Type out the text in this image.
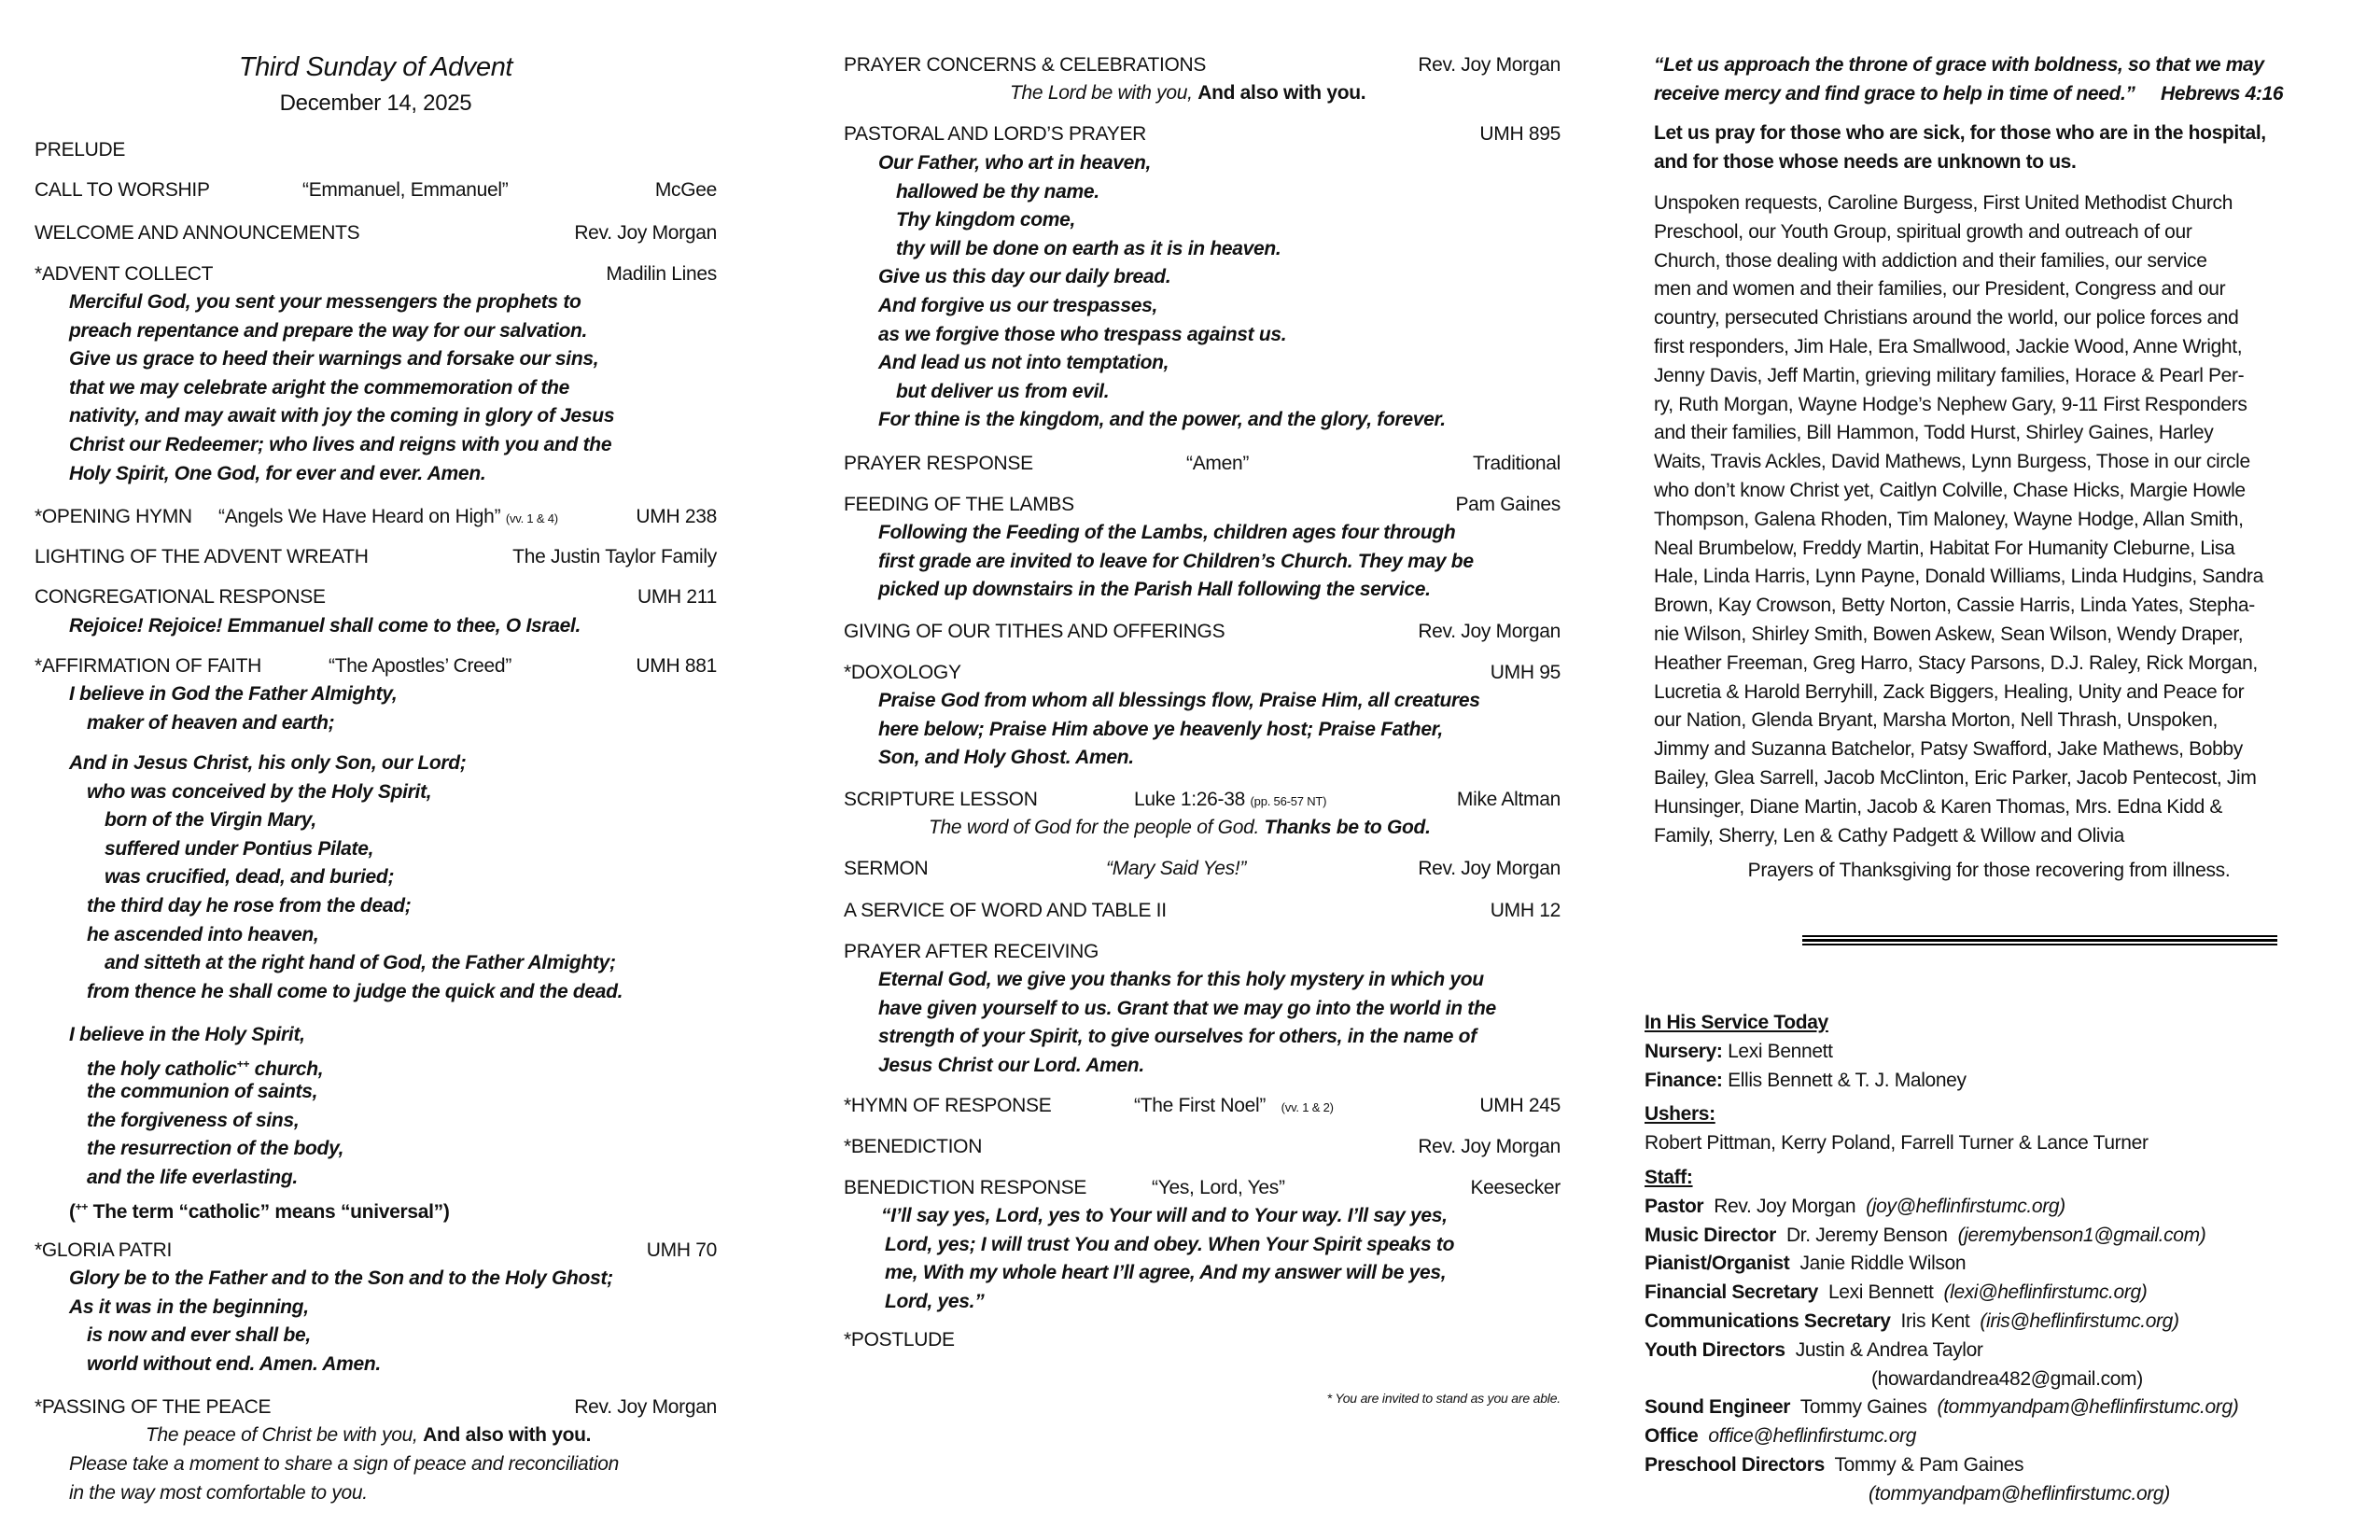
Third Sunday of Advent
December 14, 2025
PRELUDE
CALL TO WORSHIP	“Emmanuel, Emmanuel”	McGee
WELCOME AND ANNOUNCEMENTS	Rev. Joy Morgan
*ADVENT COLLECT	Madilin Lines
Merciful God, you sent your messengers the prophets to
preach repentance and prepare the way for our salvation.
Give us grace to heed their warnings and forsake our sins,
that we may celebrate aright the commemoration of the
nativity, and may await with joy the coming in glory of Jesus
Christ our Redeemer; who lives and reigns with you and the
Holy Spirit, One God, for ever and ever. Amen.
*OPENING HYMN “Angels We Have Heard on High” (vv. 1 & 4)	UMH 238
LIGHTING OF THE ADVENT WREATH	The Justin Taylor Family
CONGREGATIONAL RESPONSE	UMH 211
Rejoice! Rejoice! Emmanuel shall come to thee, O Israel.
*AFFIRMATION OF FAITH	“The Apostles’ Creed”	UMH 881
I believe in God the Father Almighty,
maker of heaven and earth;
And in Jesus Christ, his only Son, our Lord;
who was conceived by the Holy Spirit,
born of the Virgin Mary,
suffered under Pontius Pilate,
was crucified, dead, and buried;
the third day he rose from the dead;
he ascended into heaven,
and sitteth at the right hand of God, the Father Almighty;
from thence he shall come to judge the quick and the dead.
I believe in the Holy Spirit,
the holy catholic++ church,
the communion of saints,
the forgiveness of sins,
the resurrection of the body,
and the life everlasting.
(++ The term “catholic” means “universal”)
*GLORIA PATRI	UMH 70
Glory be to the Father and to the Son and to the Holy Ghost;
As it was in the beginning,
is now and ever shall be,
world without end. Amen. Amen.
*PASSING OF THE PEACE	Rev. Joy Morgan
The peace of Christ be with you, And also with you.
Please take a moment to share a sign of peace and reconciliation
in the way most comfortable to you.
PRAYER CONCERNS & CELEBRATIONS	Rev. Joy Morgan
The Lord be with you, And also with you.
PASTORAL AND LORD’S PRAYER	UMH 895
Our Father, who art in heaven,
hallowed be thy name.
Thy kingdom come,
thy will be done on earth as it is in heaven.
Give us this day our daily bread.
And forgive us our trespasses,
as we forgive those who trespass against us.
And lead us not into temptation,
but deliver us from evil.
For thine is the kingdom, and the power, and the glory, forever.
PRAYER RESPONSE	“Amen”	Traditional
FEEDING OF THE LAMBS	Pam Gaines
Following the Feeding of the Lambs, children ages four through
first grade are invited to leave for Children’s Church. They may be
picked up downstairs in the Parish Hall following the service.
GIVING OF OUR TITHES AND OFFERINGS	Rev. Joy Morgan
*DOXOLOGY	UMH 95
Praise God from whom all blessings flow, Praise Him, all creatures
here below; Praise Him above ye heavenly host; Praise Father,
Son, and Holy Ghost. Amen.
SCRIPTURE LESSON	Luke 1:26-38 (pp. 56-57 NT)	Mike Altman
The word of God for the people of God. Thanks be to God.
SERMON	“Mary Said Yes!”	Rev. Joy Morgan
A SERVICE OF WORD AND TABLE II	UMH 12
PRAYER AFTER RECEIVING
Eternal God, we give you thanks for this holy mystery in which you
have given yourself to us. Grant that we may go into the world in the
strength of your Spirit, to give ourselves for others, in the name of
Jesus Christ our Lord. Amen.
*HYMN OF RESPONSE	“The First Noel” (vv. 1 & 2)	UMH 245
*BENEDICTION	Rev. Joy Morgan
BENEDICTION RESPONSE	“Yes, Lord, Yes”	Keesecker
“I’ll say yes, Lord, yes to Your will and to Your way. I’ll say yes,
Lord, yes; I will trust You and obey. When Your Spirit speaks to
me, With my whole heart I’ll agree, And my answer will be yes,
Lord, yes.”
*POSTLUDE
* You are invited to stand as you are able.
“Let us approach the throne of grace with boldness, so that we may
receive mercy and find grace to help in time of need.” Hebrews 4:16
Let us pray for those who are sick, for those who are in the hospital,
and for those whose needs are unknown to us.
Unspoken requests, Caroline Burgess, First United Methodist Church
Preschool, our Youth Group, spiritual growth and outreach of our
Church, those dealing with addiction and their families, our service
men and women and their families, our President, Congress and our
country, persecuted Christians around the world, our police forces and
first responders, Jim Hale, Era Smallwood, Jackie Wood, Anne Wright,
Jenny Davis, Jeff Martin, grieving military families, Horace & Pearl Per-
ry, Ruth Morgan, Wayne Hodge’s Nephew Gary, 9-11 First Responders
and their families, Bill Hammon, Todd Hurst, Shirley Gaines, Harley
Waits, Travis Ackles, David Mathews, Lynn Burgess, Those in our circle
who don’t know Christ yet, Caitlyn Colville, Chase Hicks, Margie Howle
Thompson, Galena Rhoden, Tim Maloney, Wayne Hodge, Allan Smith,
Neal Brumbelow, Freddy Martin, Habitat For Humanity Cleburne, Lisa
Hale, Linda Harris, Lynn Payne, Donald Williams, Linda Hudgins, Sandra
Brown, Kay Crowson, Betty Norton, Cassie Harris, Linda Yates, Stepha-
nie Wilson, Shirley Smith, Bowen Askew, Sean Wilson, Wendy Draper,
Heather Freeman, Greg Harro, Stacy Parsons, D.J. Raley, Rick Morgan,
Lucretia & Harold Berryhill, Zack Biggers, Healing, Unity and Peace for
our Nation, Glenda Bryant, Marsha Morton, Nell Thrash, Unspoken,
Jimmy and Suzanna Batchelor, Patsy Swafford, Jake Mathews, Bobby
Bailey, Glea Sarrell, Jacob McClinton, Eric Parker, Jacob Pentecost, Jim
Hunsinger, Diane Martin, Jacob & Karen Thomas, Mrs. Edna Kidd &
Family, Sherry, Len & Cathy Padgett & Willow and Olivia
Prayers of Thanksgiving for those recovering from illness.
In His Service Today
Nursery: Lexi Bennett
Finance: Ellis Bennett & T. J. Maloney
Ushers:
Robert Pittman, Kerry Poland, Farrell Turner & Lance Turner
Staff:
Pastor Rev. Joy Morgan (joy@heflinfirstumc.org)
Music Director Dr. Jeremy Benson (jeremybenson1@gmail.com)
Pianist/Organist Janie Riddle Wilson
Financial Secretary Lexi Bennett (lexi@heflinfirstumc.org)
Communications Secretary Iris Kent (iris@heflinfirstumc.org)
Youth Directors Justin & Andrea Taylor
(howardandrea482@gmail.com)
Sound Engineer Tommy Gaines (tommyandpam@heflinfirstumc.org)
Office office@heflinfirstumc.org
Preschool Directors Tommy & Pam Gaines
(tommyandpam@heflinfirstumc.org)
